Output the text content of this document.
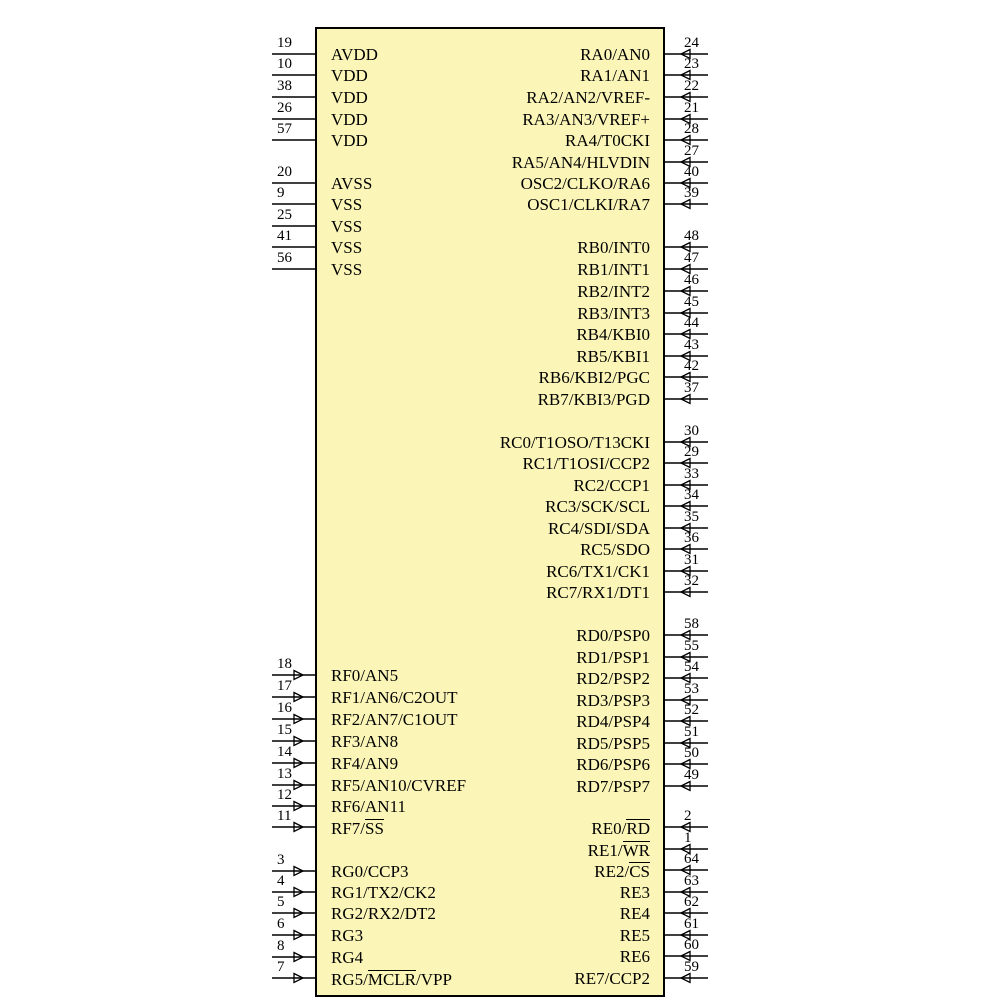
AVDD
VDD
VDD
VDD
VDD
AVSS
VSS
VSS
VSS
VSS
RF0/AN5
RF1/AN6/C2OUT
RF2/AN7/C1OUT
RF3/AN8
RF4/AN9
RF5/AN10/CVREF
RF6/AN11
RF7/SS
RG0/CCP3
RG1/TX2/CK2
RG2/RX2/DT2
RG3
RG4
RG5/MCLR/VPP
RA0/AN0
RA1/AN1
RA2/AN2/VREF-
RA3/AN3/VREF+
RA4/T0CKI
RA5/AN4/HLVDIN
OSC2/CLKO/RA6
OSC1/CLKI/RA7
RB0/INT0
RB1/INT1
RB2/INT2
RB3/INT3
RB4/KBI0
RB5/KBI1
RB6/KBI2/PGC
RB7/KBI3/PGD
RC0/T1OSO/T13CKI
RC1/T1OSI/CCP2
RC2/CCP1
RC3/SCK/SCL
RC4/SDI/SDA
RC5/SDO
RC6/TX1/CK1
RC7/RX1/DT1
RD0/PSP0
RD1/PSP1
RD2/PSP2
RD3/PSP3
RD4/PSP4
RD5/PSP5
RD6/PSP6
RD7/PSP7
RE0/RD
RE1/WR
RE2/CS
RE3
RE4
RE5
RE6
RE7/CCP2
19
10
38
26
57
20
9
25
41
56
18
17
16
15
14
13
12
11
3
4
5
6
8
7
24
23
22
21
28
27
40
39
48
47
46
45
44
43
42
37
30
29
33
34
35
36
31
32
58
55
54
53
52
51
50
49
2
1
64
63
62
61
60
59
